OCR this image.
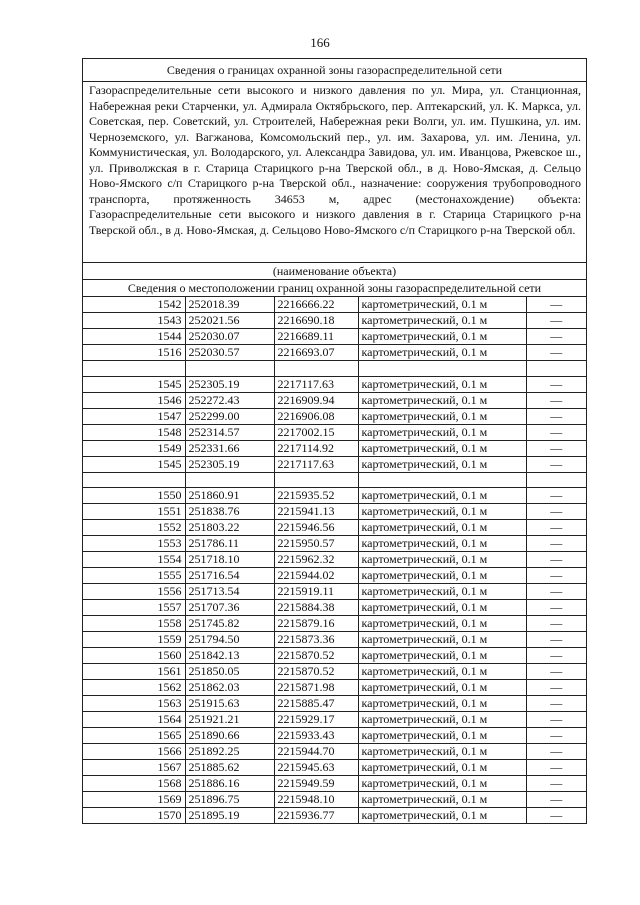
166
Сведения о границах охранной зоны газораспределительной сети
Газораспределительные сети высокого и низкого давления по ул. Мира, ул. Станционная, Набережная реки Старченки, ул. Адмирала Октябрьского, пер. Аптекарский, ул. К. Маркса, ул. Советская, пер. Советский, ул. Строителей, Набережная реки Волги, ул. им. Пушкина, ул. им. Черноземского, ул. Вагжанова, Комсомольский пер., ул. им. Захарова, ул. им. Ленина, ул. Коммунистическая, ул. Володарского, ул. Александра Завидова, ул. им. Иванцова, Ржевское ш., ул. Приволжская в г. Старица Старицкого р-на Тверской обл., в д. Ново-Ямская, д. Сельцо Ново-Ямского с/п Старицкого р-на Тверской обл., назначение: сооружения трубопроводного транспорта, протяженность 34653 м, адрес (местонахождение) объекта: Газораспределительные сети высокого и низкого давления в г. Старица Старицкого р-на Тверской обл., в д. Ново-Ямская, д. Сельцово Ново-Ямского с/п Старицкого р-на Тверской обл.
(наименование объекта)
Сведения о местоположении границ охранной зоны газораспределительной сети
1542	252018.39	2216666.22	картометрический, 0.1 м	—
1543	252021.56	2216690.18	картометрический, 0.1 м	—
1544	252030.07	2216689.11	картометрический, 0.1 м	—
1516	252030.57	2216693.07	картометрический, 0.1 м	—

1545	252305.19	2217117.63	картометрический, 0.1 м	—
1546	252272.43	2216909.94	картометрический, 0.1 м	—
1547	252299.00	2216906.08	картометрический, 0.1 м	—
1548	252314.57	2217002.15	картометрический, 0.1 м	—
1549	252331.66	2217114.92	картометрический, 0.1 м	—
1545	252305.19	2217117.63	картометрический, 0.1 м	—

1550	251860.91	2215935.52	картометрический, 0.1 м	—
1551	251838.76	2215941.13	картометрический, 0.1 м	—
1552	251803.22	2215946.56	картометрический, 0.1 м	—
1553	251786.11	2215950.57	картометрический, 0.1 м	—
1554	251718.10	2215962.32	картометрический, 0.1 м	—
1555	251716.54	2215944.02	картометрический, 0.1 м	—
1556	251713.54	2215919.11	картометрический, 0.1 м	—
1557	251707.36	2215884.38	картометрический, 0.1 м	—
1558	251745.82	2215879.16	картометрический, 0.1 м	—
1559	251794.50	2215873.36	картометрический, 0.1 м	—
1560	251842.13	2215870.52	картометрический, 0.1 м	—
1561	251850.05	2215870.52	картометрический, 0.1 м	—
1562	251862.03	2215871.98	картометрический, 0.1 м	—
1563	251915.63	2215885.47	картометрический, 0.1 м	—
1564	251921.21	2215929.17	картометрический, 0.1 м	—
1565	251890.66	2215933.43	картометрический, 0.1 м	—
1566	251892.25	2215944.70	картометрический, 0.1 м	—
1567	251885.62	2215945.63	картометрический, 0.1 м	—
1568	251886.16	2215949.59	картометрический, 0.1 м	—
1569	251896.75	2215948.10	картометрический, 0.1 м	—
1570	251895.19	2215936.77	картометрический, 0.1 м	—
